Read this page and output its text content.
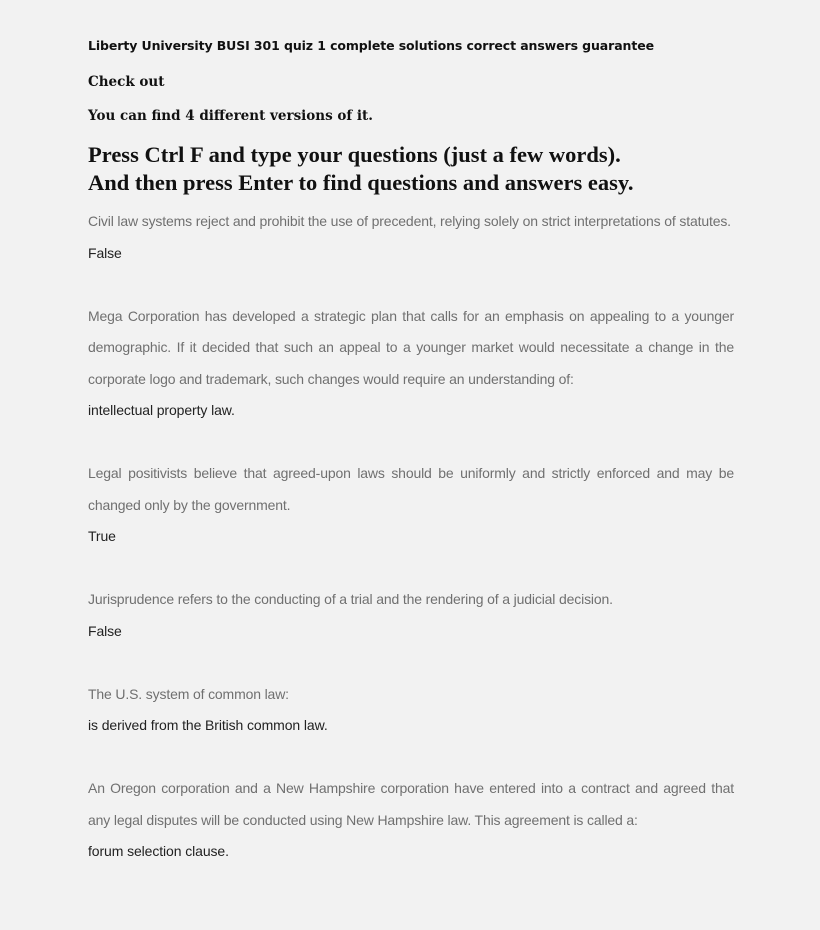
Liberty University BUSI 301 quiz 1 complete solutions correct answers guarantee
Check out
You can find 4 different versions of it.
Press Ctrl F and type your questions (just a few words).
And then press Enter to find questions and answers easy.
Civil law systems reject and prohibit the use of precedent, relying solely on strict interpretations of statutes.
False
Mega Corporation has developed a strategic plan that calls for an emphasis on appealing to a younger demographic. If it decided that such an appeal to a younger market would necessitate a change in the corporate logo and trademark, such changes would require an understanding of:
intellectual property law.
Legal positivists believe that agreed-upon laws should be uniformly and strictly enforced and may be changed only by the government.
True
Jurisprudence refers to the conducting of a trial and the rendering of a judicial decision.
False
The U.S. system of common law:
is derived from the British common law.
An Oregon corporation and a New Hampshire corporation have entered into a contract and agreed that any legal disputes will be conducted using New Hampshire law. This agreement is called a:
forum selection clause.
